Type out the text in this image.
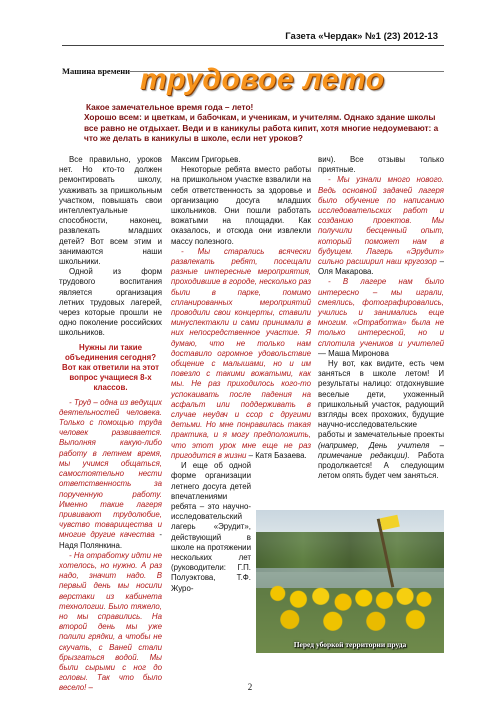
Газета «Чердак» №1 (23) 2012-13
Машина времени трудовое лето
Какое замечательное время года – лето!
Хорошо всем: и цветкам, и бабочкам, и ученикам, и учителям. Однако здание школы все равно не отдыхает. Веди и в каникулы работа кипит, хотя многие недоумевают: а что же делать в каникулы в школе, если нет уроков?

Все правильно, уроков нет. Но кто-то должен ремонтировать школу, ухаживать за пришкольным участком, повышать свои интеллектуальные способности, наконец, развлекать младших детей? Вот всем этим и занимаются наши школьники.

Одной из форм трудового воспитания является организация летних трудовых лагерей, через которые прошли не одно поколение российских школьников.

Нужны ли такие объединения сегодня? Вот как ответили на этот вопрос учащиеся 8-х классов.

- Труд – одна из ведущих деятельностей человека. Только с помощью труда человек развивается. Выполняя какую-либо работу в летнем время, мы учимся общаться, самостоятельно нести ответственность за порученную работу. Именно такие лагеря прививают трудолюбие, чувство товарищества и многие другие качества - Надя Полянкина.

- На отработку идти не хотелось, но нужно. А раз надо, значит надо. В первый день мы носили верстаки из кабинета технологии. Было тяжело, но мы справились. На второй день мы уже полили грядки, а чтобы не скучать, с Ваней стали брызгаться водой. Мы были сырыми с ног до головы. Так что было весело! –

Максим Григорьев.

Некоторые ребята вместо работы на пришкольном участке взвалили на себя ответственность за здоровье и организацию досуга младших школьников. Они пошли работать вожатыми на площадки. Как оказалось, и отсюда они извлекли массу полезного.

- Мы старались всячески развлекать ребят, посещали разные интересные мероприятия, проходившие в городе, несколько раз были в парке, помимо спланированных мероприятий проводили свои концерты, ставили минуспектакли и сами принимали в них непосредственное участие. Я думаю, что не только нам доставило огромное удовольствие общение с малышами, но и им повезло с такими вожатыми, как мы. Не раз приходилось кого-то успокаивать после падения на асфальт или поддерживать в случае неудач и ссор с другими детьми. Но мне понравилась такая практика, и я могу предположить, что этот урок мне еще не раз пригодится в жизни – Катя Базаева.

И еще об одной форме организации летнего досуга детей впечатлениями ребята – это научно-исследовательский лагерь «Эрудит», действующий в школе на протяжении нескольких лет (руководители: Г.П. Полуэктова, Т.Ф. Журо-

вич). Все отзывы только приятные.

- Мы узнали много нового. Ведь основной задачей лагеря было обучение по написанию исследовательских работ и созданию проектов. Мы получили бесценный опыт, который поможет нам в будущем. Лагерь «Эрудит» сильно расширил наш кругозор – Оля Макарова.

- В лагере нам было интересно – мы играли, смеялись, фотографировались, учились и занимались еще многим. «Отработка» была не только интересной, но и сплотила учеников и учителей — Маша Миронова

Ну вот, как видите, есть чем заняться в школе летом! И результаты налицо: отдохнувшие веселые дети, ухоженный пришкольный участок, радующий взгляды всех прохожих, будущие научно-исследовательские работы и замечательные проекты (например, День учителя – примечание редакции). Работа продолжается! А следующим летом опять будет чем заняться.

Перед уборкой территории пруда
2
